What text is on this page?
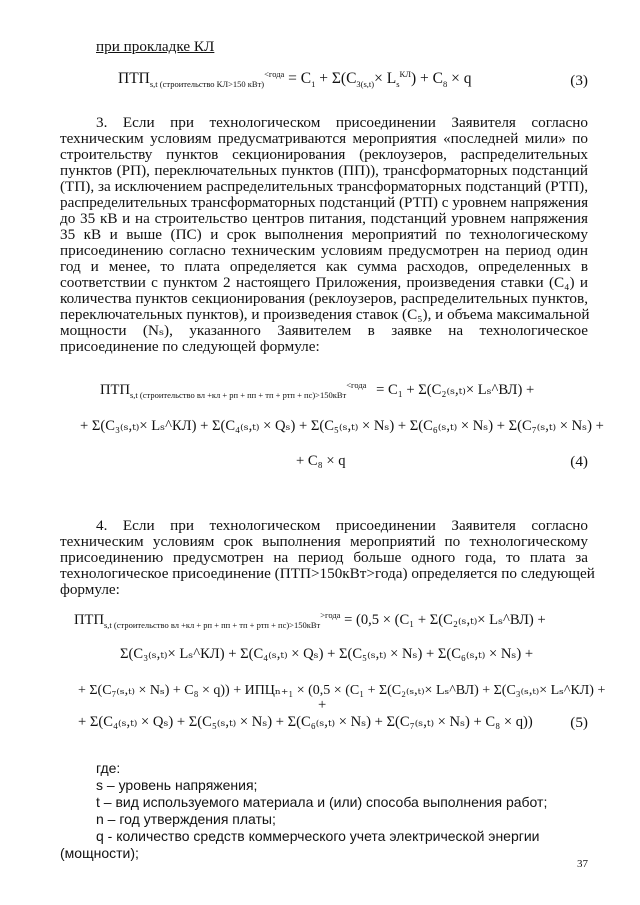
при прокладке КЛ
$ПТП_{s,t (строительство КЛ>150 кВт)}^{<года} = C_1 + \Sigma(C_{3(s,t)}\times L_s^{КЛ}) + C_8 \times q$	(3)
3. Если при технологическом присоединении Заявителя согласно
техническим условиям предусматриваются мероприятия «последней мили» по
строительству пунктов секционирования (реклоузеров, распределительных
пунктов (РП), переключательных пунктов (ПП)), трансформаторных подстанций
(ТП), за исключением распределительных трансформаторных подстанций (РТП),
распределительных трансформаторных подстанций (РТП) с уровнем напряжения
до 35 кВ и на строительство центров питания, подстанций уровнем напряжения
35 кВ и выше (ПС) и срок выполнения мероприятий по технологическому
присоединению согласно техническим условиям предусмотрен на период один
год и менее, то плата определяется как сумма расходов, определенных в
соответствии с пунктом 2 настоящего Приложения, произведения ставки (C₄) и
количества пунктов секционирования (реклоузеров, распределительных пунктов,
переключательных пунктов), и произведения ставок (C₅), и объема максимальной
мощности (Nₛ), указанного Заявителем в заявке на технологическое
присоединение по следующей формуле:
$ПТП_{s,t (строительство вл +кл + рп + пп + тп + ртп + пс)>150кВт}^{<года} = C_1 + \Sigma(C_{2(s},_{t)}\times$ Lₛ^ВЛ) +
+ Σ(C₃₍ₛ,ₜ₎× Lₛ^КЛ) + Σ(C₄₍ₛ,ₜ₎ × Qₛ) + Σ(C₅₍ₛ,ₜ₎ × Nₛ) + Σ(C₆₍ₛ,ₜ₎ × Nₛ) + Σ(C₇₍ₛ,ₜ₎ × Nₛ) +
+ C₈ × q	(4)
4. Если при технологическом присоединении Заявителя согласно
техническим условиям срок выполнения мероприятий по технологическому
присоединению предусмотрен на период больше одного года, то плата за
технологическое присоединение (ПТП>150кВт>года) определяется по следующей
формуле:
$ПТП_{s,t (строительство вл +кл + рп + пп + тп + ртп + пс)>150кВт}^{>года} = (0,5 \times (C_1 + \Sigma(C_{2(s},_{t)}\times$ Lₛ^ВЛ) +
Σ(C₃₍ₛ,ₜ₎× Lₛ^КЛ) + Σ(C₄₍ₛ,ₜ₎ × Qₛ) + Σ(C₅₍ₛ,ₜ₎ × Nₛ) + Σ(C₆₍ₛ,ₜ₎ × Nₛ) +
+ Σ(C₇₍ₛ,ₜ₎ × Nₛ) + C₈ × q)) + ИПЦₙ₊₁ × (0,5 × (C₁ + Σ(C₂₍ₛ,ₜ₎× Lₛ^ВЛ) + Σ(C₃₍ₛ,ₜ₎× Lₛ^КЛ) +
+
+ Σ(C₄₍ₛ,ₜ₎ × Qₛ) + Σ(C₅₍ₛ,ₜ₎ × Nₛ) + Σ(C₆₍ₛ,ₜ₎ × Nₛ) + Σ(C₇₍ₛ,ₜ₎ × Nₛ) + C₈ × q)) (5)
где:
s – уровень напряжения;
t – вид используемого материала и (или) способа выполнения работ;
n – год утверждения платы;
q - количество средств коммерческого учета электрической энергии
(мощности);
37
